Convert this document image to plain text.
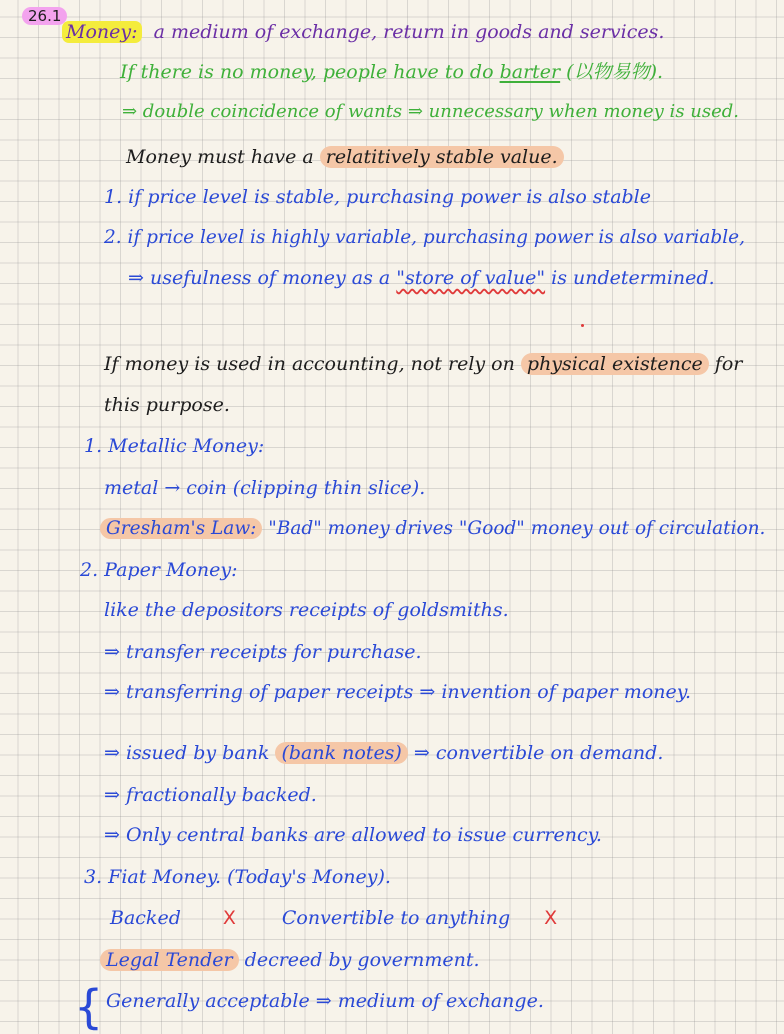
26.1
Money: a medium of exchange, return in goods and services.
If there is no money, people have to do barter (以物易物).
⇒ double coincidence of wants ⇒ unnecessary when money is used.
Money must have a relatitively stable value.
1. if price level is stable, purchasing power is also stable
2. if price level is highly variable, purchasing power is also variable,
⇒ usefulness of money as a "store of value" is undetermined.
If money is used in accounting, not rely on physical existence for
this purpose.
1. Metallic Money:
metal → coin (clipping thin slice).
Gresham's Law: "Bad" money drives "Good" money out of circulation.
2. Paper Money:
like the depositors receipts of goldsmiths.
⇒ transfer receipts for purchase.
⇒ transferring of paper receipts ⇒ invention of paper money.
⇒ issued by bank (bank notes) ⇒ convertible on demand.
⇒ fractionally backed.
⇒ Only central banks are allowed to issue currency.
3. Fiat Money. (Today's Money).
Backed X Convertible to anything X
Legal Tender decreed by government.
{ Generally acceptable ⇒ medium of exchange.
